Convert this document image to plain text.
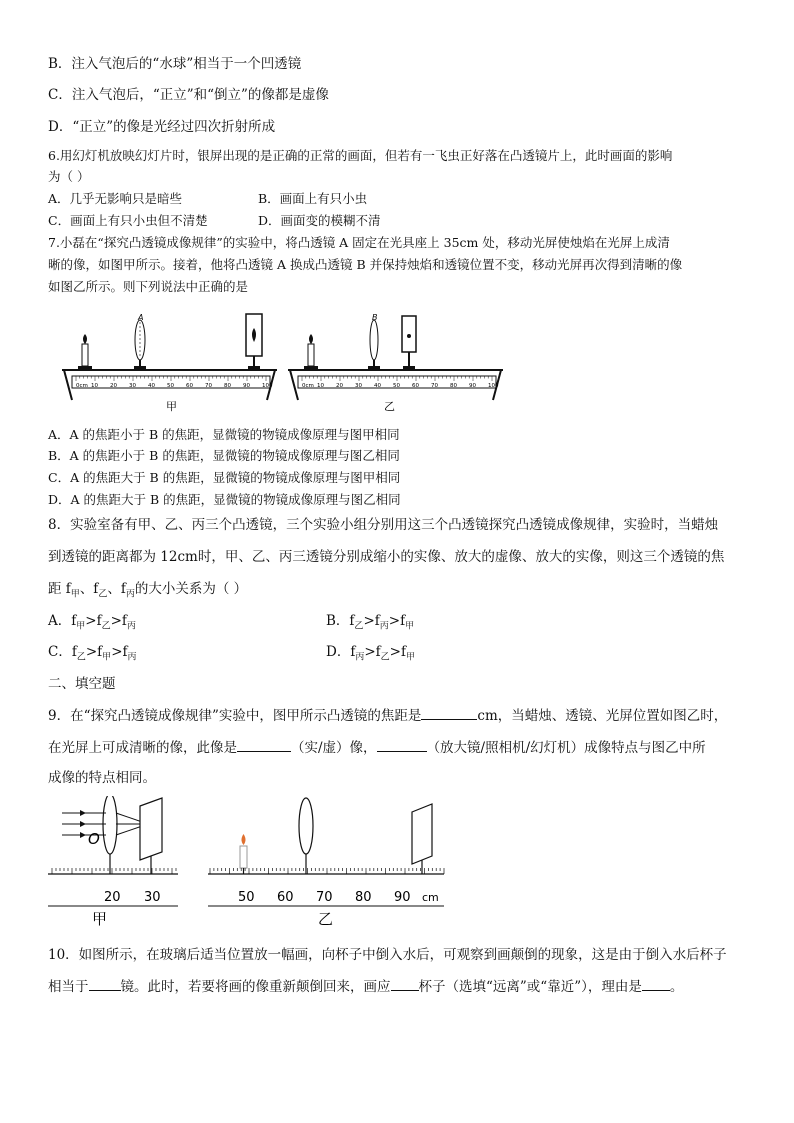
B．注入气泡后的“水球”相当于一个凹透镜
C．注入气泡后，“正立”和“倒立”的像都是虚像
D．“正立”的像是光经过四次折射所成
6.用幻灯机放映幻灯片时，银屏出现的是正确的正常的画面，但若有一飞虫正好落在凸透镜片上，此时画面的影响
为（ ）
A．几乎无影响只是暗些	B．画面上有只小虫
C．画面上有只小虫但不清楚	D．画面变的模糊不清
7.小磊在“探究凸透镜成像规律”的实验中，将凸透镜 A 固定在光具座上 35cm 处，移动光屏使烛焰在光屏上成清
晰的像，如图甲所示。接着，他将凸透镜 A 换成凸透镜 B 并保持烛焰和透镜位置不变，移动光屏再次得到清晰的像
如图乙所示。则下列说法中正确的是
A
甲
0cm 10 20 30 40 50 60 70 80 90 100
B
乙
0cm 10 20 30 40 50 60 70 80 90 100
A．A 的焦距小于 B 的焦距，显微镜的物镜成像原理与图甲相同
B．A 的焦距小于 B 的焦距，显微镜的物镜成像原理与图乙相同
C．A 的焦距大于 B 的焦距，显微镜的物镜成像原理与图甲相同
D．A 的焦距大于 B 的焦距，显微镜的物镜成像原理与图乙相同
8．实验室备有甲、乙、丙三个凸透镜，三个实验小组分别用这三个凸透镜探究凸透镜成像规律，实验时，当蜡烛
到透镜的距离都为 12cm时，甲、乙、丙三透镜分别成缩小的实像、放大的虚像、放大的实像，则这三个透镜的焦
距 $f_甲$、$f_乙$、$f_丙$的大小关系为（ ）
A．$f_甲>f_乙>f_丙$	B．$f_乙>f_丙>f_甲$
C．$f_乙>f_甲>f_丙$	D．$f_丙>f_乙>f_甲$
二、填空题
9．在“探究凸透镜成像规律”实验中，图甲所示凸透镜的焦距是	cm，当蜡烛、透镜、光屏位置如图乙时，
在光屏上可成清晰的像，此像是	（实/虚）像，	（放大镜/照相机/幻灯机）成像特点与图乙中所
成像的特点相同。
O
20 30
甲
50 60 70 80 90 cm
乙
10．如图所示，在玻璃后适当位置放一幅画，向杯子中倒入水后，可观察到画颠倒的现象，这是由于倒入水后杯子
相当于 镜。此时，若要将画的像重新颠倒回来，画应 杯子（选填“远离”或“靠近”），理由是 。
